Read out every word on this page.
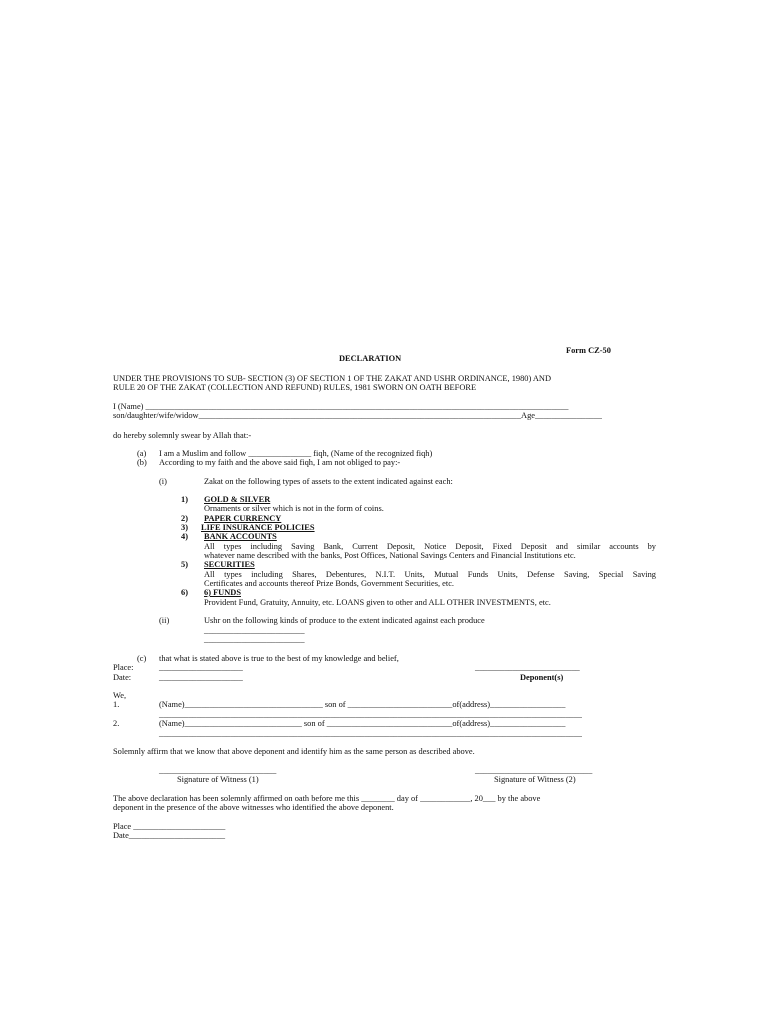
Form CZ-50
DECLARATION
UNDER THE PROVISIONS TO SUB- SECTION (3) OF SECTION 1 OF THE ZAKAT AND USHR ORDINANCE, 1980) AND
RULE 20 OF THE ZAKAT (COLLECTION AND REFUND) RULES, 1981 SWORN ON OATH BEFORE
I (Name) _____________________________________________________________________________________________________
son/daughter/wife/widow_____________________________________________________________________________Age________________
do hereby solemnly swear by Allah that:-
(a) I am a Muslim and follow _______________ fiqh, (Name of the recognized fiqh)
(b) According to my faith and the above said fiqh, I am not obliged to pay:-
(i)	Zakat on the following types of assets to the extent indicated against each:
1) GOLD & SILVER
Ornaments or silver which is not in the form of coins.
2) PAPER CURRENCY
3) LIFE INSURANCE POLICIES
4) BANK ACCOUNTS
All types including Saving Bank, Current Deposit, Notice Deposit, Fixed Deposit and similar accounts by
whatever name described with the banks, Post Offices, National Savings Centers and Financial Institutions etc.
5) SECURITIES
All types including Shares, Debentures, N.I.T. Units, Mutual Funds Units, Defense Saving, Special Saving
Certificates and accounts thereof Prize Bonds, Government Securities, etc.
6) 6) FUNDS
Provident Fund, Gratuity, Annuity, etc. LOANS given to other and ALL OTHER INVESTMENTS, etc.
(ii)	Ushr on the following kinds of produce to the extent indicated against each produce
________________________
________________________
(c) that what is stated above is true to the best of my knowledge and belief,
Place:	____________________	_________________________
Date:	____________________	Deponent(s)
We,
1.	(Name)_________________________________ son of _________________________of(address)__________________
_____________________________________________________________________________________________________
2.	(Name)____________________________ son of ______________________________of(address)__________________
_____________________________________________________________________________________________________
Solemnly affirm that we know that above deponent and identify him as the same person as described above.
____________________________	____________________________
Signature of Witness (1)	Signature of Witness (2)
The above declaration has been solemnly affirmed on oath before me this ________ day of ____________, 20___ by the above
deponent in the presence of the above witnesses who identified the above deponent.
Place ______________________
Date_______________________
